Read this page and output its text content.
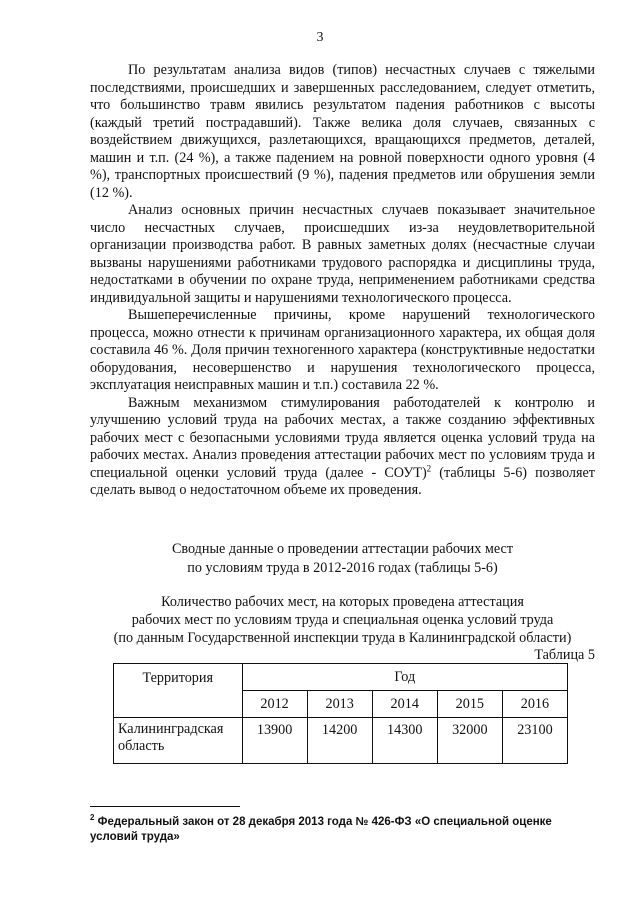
3

По результатам анализа видов (типов) несчастных случаев с тяжелыми последствиями, происшедших и завершенных расследованием, следует отметить, что большинство травм явились результатом падения работников с высоты (каждый третий пострадавший). Также велика доля случаев, связанных с воздействием движущихся, разлетающихся, вращающихся предметов, деталей, машин и т.п. (24 %), а также падением на ровной поверхности одного уровня (4 %), транспортных происшествий (9 %), падения предметов или обрушения земли (12 %).

Анализ основных причин несчастных случаев показывает значительное число несчастных случаев, происшедших из-за неудовлетворительной организации производства работ. В равных заметных долях (несчастные случаи вызваны нарушениями работниками трудового распорядка и дисциплины труда, недостатками в обучении по охране труда, неприменением работниками средства индивидуальной защиты и нарушениями технологического процесса.

Вышеперечисленные причины, кроме нарушений технологического процесса, можно отнести к причинам организационного характера, их общая доля составила 46 %. Доля причин техногенного характера (конструктивные недостатки оборудования, несовершенство и нарушения технологического процесса, эксплуатация неисправных машин и т.п.) составила 22 %.

Важным механизмом стимулирования работодателей к контролю и улучшению условий труда на рабочих местах, а также созданию эффективных рабочих мест с безопасными условиями труда является оценка условий труда на рабочих местах. Анализ проведения аттестации рабочих мест по условиям труда и специальной оценки условий труда (далее - СОУТ)$^2$ (таблицы 5-6) позволяет сделать вывод о недостаточном объеме их проведения.

Сводные данные о проведении аттестации рабочих мест
по условиям труда в 2012-2016 годах (таблицы 5-6)
Количество рабочих мест, на которых проведена аттестация
рабочих мест по условиям труда и специальная оценка условий труда
(по данным Государственной инспекции труда в Калининградской области)
Таблица 5
Территория	Год				
	2012	2013	2014	2015	2016
Калининградская область	13900	14200	14300	32000	23100
$^2$ Федеральный закон от 28 декабря 2013 года № 426-ФЗ «О специальной оценке условий труда»
